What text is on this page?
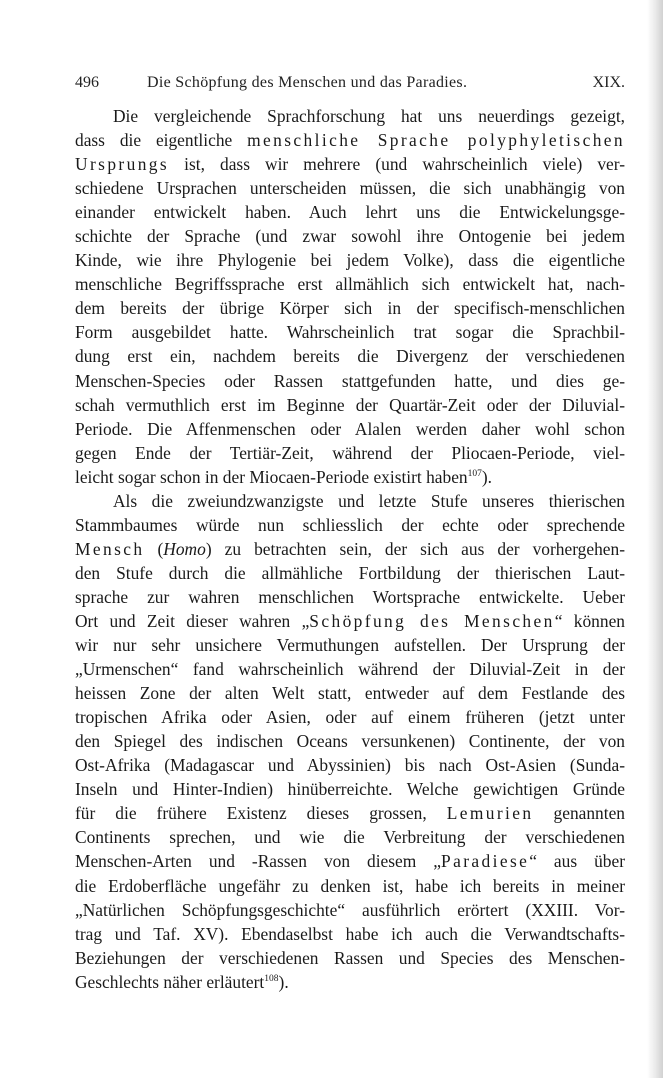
496	Die Schöpfung des Menschen und das Paradies.	XIX.
Die vergleichende Sprachforschung hat uns neuerdings gezeigt,
dass die eigentliche menschliche Sprache polyphyletischen
Ursprungs ist, dass wir mehrere (und wahrscheinlich viele) ver-
schiedene Ursprachen unterscheiden müssen, die sich unabhängig von
einander entwickelt haben. Auch lehrt uns die Entwickelungsge-
schichte der Sprache (und zwar sowohl ihre Ontogenie bei jedem
Kinde, wie ihre Phylogenie bei jedem Volke), dass die eigentliche
menschliche Begriffssprache erst allmählich sich entwickelt hat, nach-
dem bereits der übrige Körper sich in der specifisch-menschlichen
Form ausgebildet hatte. Wahrscheinlich trat sogar die Sprachbil-
dung erst ein, nachdem bereits die Divergenz der verschiedenen
Menschen-Species oder Rassen stattgefunden hatte, und dies ge-
schah vermuthlich erst im Beginne der Quartär-Zeit oder der Diluvial-
Periode. Die Affenmenschen oder Alalen werden daher wohl schon
gegen Ende der Tertiär-Zeit, während der Pliocaen-Periode, viel-
leicht sogar schon in der Miocaen-Periode existirt haben$^{107}$).
Als die zweiundzwanzigste und letzte Stufe unseres thierischen
Stammbaumes würde nun schliesslich der echte oder sprechende
Mensch (Homo) zu betrachten sein, der sich aus der vorhergehen-
den Stufe durch die allmähliche Fortbildung der thierischen Laut-
sprache zur wahren menschlichen Wortsprache entwickelte. Ueber
Ort und Zeit dieser wahren „Schöpfung des Menschen“ können
wir nur sehr unsichere Vermuthungen aufstellen. Der Ursprung der
„Urmenschen“ fand wahrscheinlich während der Diluvial-Zeit in der
heissen Zone der alten Welt statt, entweder auf dem Festlande des
tropischen Afrika oder Asien, oder auf einem früheren (jetzt unter
den Spiegel des indischen Oceans versunkenen) Continente, der von
Ost-Afrika (Madagascar und Abyssinien) bis nach Ost-Asien (Sunda-
Inseln und Hinter-Indien) hinüberreichte. Welche gewichtigen Gründe
für die frühere Existenz dieses grossen, Lemurien genannten
Continents sprechen, und wie die Verbreitung der verschiedenen
Menschen-Arten und -Rassen von diesem „Paradiese“ aus über
die Erdoberfläche ungefähr zu denken ist, habe ich bereits in meiner
„Natürlichen Schöpfungsgeschichte“ ausführlich erörtert (XXIII. Vor-
trag und Taf. XV). Ebendaselbst habe ich auch die Verwandtschafts-
Beziehungen der verschiedenen Rassen und Species des Menschen-
Geschlechts näher erläutert$^{108}$).
